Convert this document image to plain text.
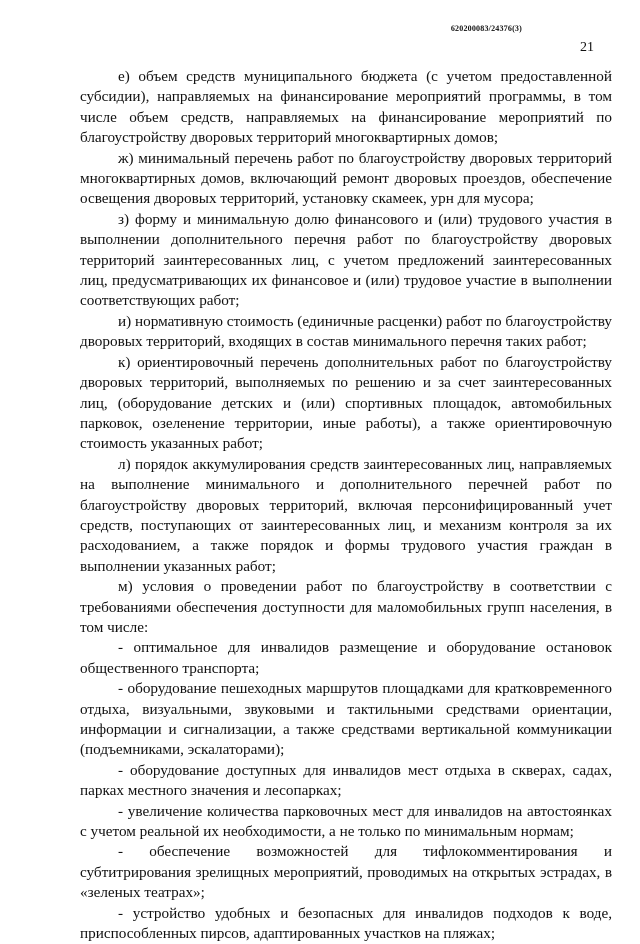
620200083/24376(3)
21

е) объем средств муниципального бюджета (с учетом предоставленной субсидии), направляемых на финансирование мероприятий программы, в том числе объем средств, направляемых на финансирование мероприятий по благоустройству дворовых территорий многоквартирных домов;

ж) минимальный перечень работ по благоустройству дворовых территорий многоквартирных домов, включающий ремонт дворовых проездов, обеспечение освещения дворовых территорий, установку скамеек, урн для мусора;

з) форму и минимальную долю финансового и (или) трудового участия в выполнении дополнительного перечня работ по благоустройству дворовых территорий заинтересованных лиц, с учетом предложений заинтересованных лиц, предусматривающих их финансовое и (или) трудовое участие в выполнении соответствующих работ;

и) нормативную стоимость (единичные расценки) работ по благоустройству дворовых территорий, входящих в состав минимального перечня таких работ;

к) ориентировочный перечень дополнительных работ по благоустройству дворовых территорий, выполняемых по решению и за счет заинтересованных лиц, (оборудование детских и (или) спортивных площадок, автомобильных парковок, озеленение территории, иные работы), а также ориентировочную стоимость указанных работ;

л) порядок аккумулирования средств заинтересованных лиц, направляемых на выполнение минимального и дополнительного перечней работ по благоустройству дворовых территорий, включая персонифицированный учет средств, поступающих от заинтересованных лиц, и механизм контроля за их расходованием, а также порядок и формы трудового участия граждан в выполнении указанных работ;

м) условия о проведении работ по благоустройству в соответствии с требованиями обеспечения доступности для маломобильных групп населения, в том числе:

- оптимальное для инвалидов размещение и оборудование остановок общественного транспорта;

- оборудование пешеходных маршрутов площадками для кратковременного отдыха, визуальными, звуковыми и тактильными средствами ориентации, информации и сигнализации, а также средствами вертикальной коммуникации (подъемниками, эскалаторами);

- оборудование доступных для инвалидов мест отдыха в скверах, садах, парках местного значения и лесопарках;

- увеличение количества парковочных мест для инвалидов на автостоянках с учетом реальной их необходимости, а не только по минимальным нормам;

- обеспечение возможностей для тифлокомментирования и субтитрирования зрелищных мероприятий, проводимых на открытых эстрадах, в «зеленых театрах»;

- устройство удобных и безопасных для инвалидов подходов к воде, приспособленных пирсов, адаптированных участков на пляжах;
